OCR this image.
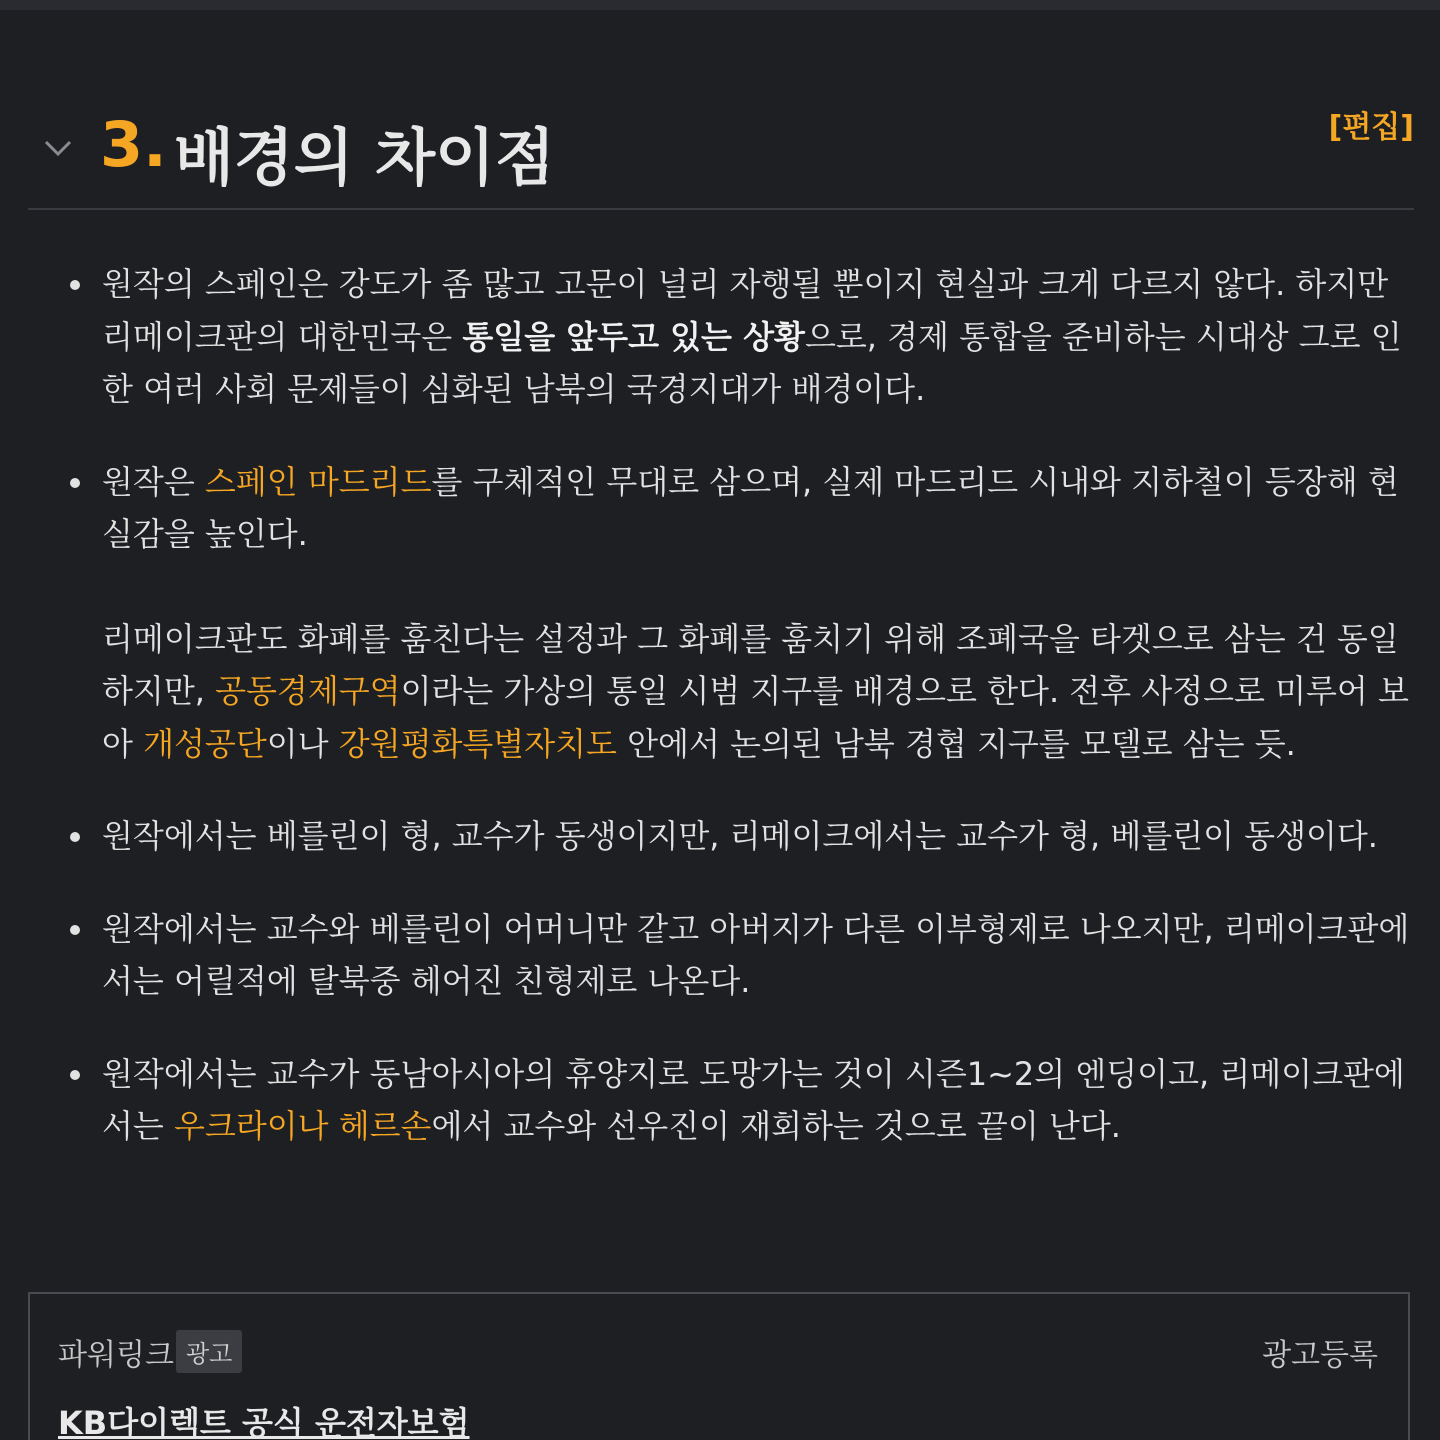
3. 배경의 차이점	[편집]

원작의 스페인은 강도가 좀 많고 고문이 널리 자행될 뿐이지 현실과 크게 다르지 않다. 하지만 리메이크판의 대한민국은 통일을 앞두고 있는 상황으로, 경제 통합을 준비하는 시대상 그로 인한 여러 사회 문제들이 심화된 남북의 국경지대가 배경이다.

원작은 스페인 마드리드를 구체적인 무대로 삼으며, 실제 마드리드 시내와 지하철이 등장해 현실감을 높인다.

리메이크판도 화폐를 훔친다는 설정과 그 화폐를 훔치기 위해 조폐국을 타겟으로 삼는 건 동일하지만, 공동경제구역이라는 가상의 통일 시범 지구를 배경으로 한다. 전후 사정으로 미루어 보아 개성공단이나 강원평화특별자치도 안에서 논의된 남북 경협 지구를 모델로 삼는 듯.

원작에서는 베를린이 형, 교수가 동생이지만, 리메이크에서는 교수가 형, 베를린이 동생이다.

원작에서는 교수와 베를린이 어머니만 같고 아버지가 다른 이부형제로 나오지만, 리메이크판에서는 어릴적에 탈북중 헤어진 친형제로 나온다.

원작에서는 교수가 동남아시아의 휴양지로 도망가는 것이 시즌1~2의 엔딩이고, 리메이크판에서는 우크라이나 헤르손에서 교수와 선우진이 재회하는 것으로 끝이 난다.

파워링크 광고	광고등록
KB다이렉트 공식 운전자보험
